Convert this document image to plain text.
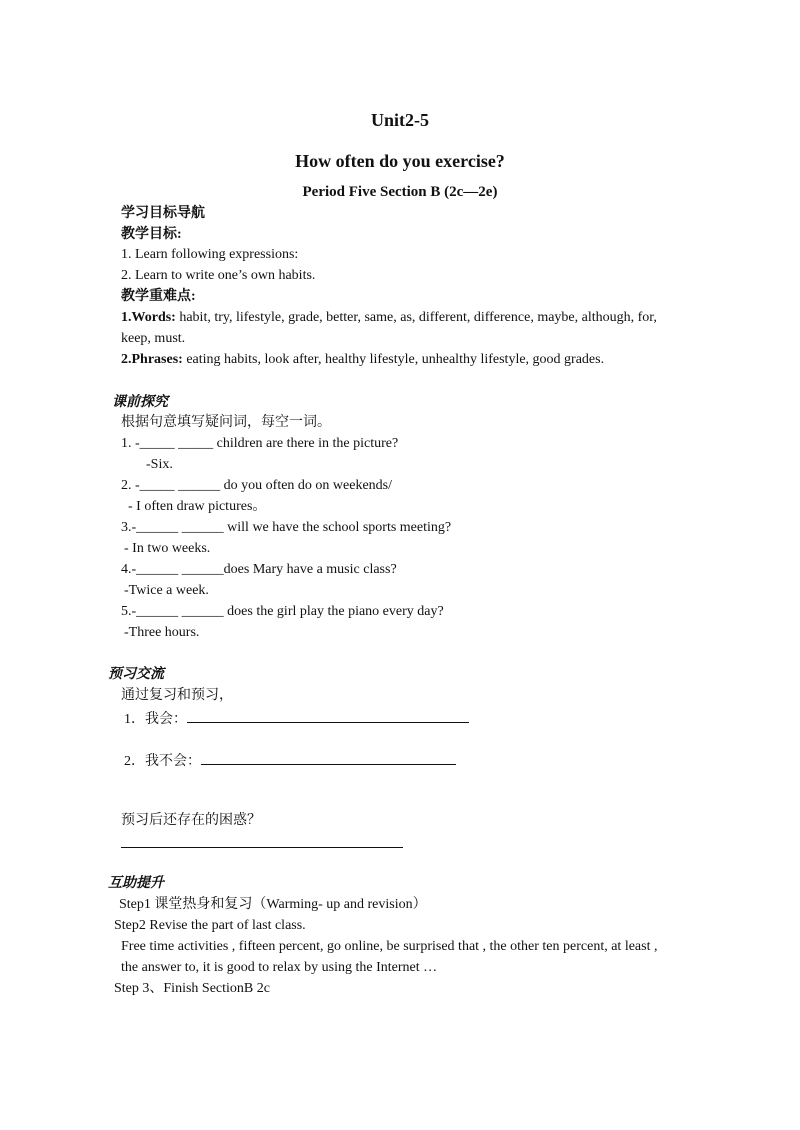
Unit2-5
How often do you exercise?
Period Five Section B (2c—2e)
学习目标导航
教学目标:
1. Learn following expressions:
2. Learn to write one’s own habits.
教学重难点:
1.Words: habit, try, lifestyle, grade, better, same, as, different, difference, maybe, although, for,
keep, must.
2.Phrases: eating habits, look after, healthy lifestyle, unhealthy lifestyle, good grades.
课前探究
根据句意填写疑问词，每空一词。
1. -_____ _____ children are there in the picture?
-Six.
2. -_____ ______ do you often do on weekends/
- I often draw pictures。
3.-______ ______ will we have the school sports meeting?
- In two weeks.
4.-______ ______does Mary have a music class?
-Twice a week.
5.-______ ______ does the girl play the piano every day?
-Three hours.
预习交流
通过复习和预习，
1．我会：
2．我不会：
预习后还存在的困惑？
互助提升
Step1 课堂热身和复习（Warming- up and revision）
Step2 Revise the part of last class.
Free time activities , fifteen percent, go online, be surprised that , the other ten percent, at least ,
the answer to, it is good to relax by using the Internet …
Step 3、Finish SectionB 2c
